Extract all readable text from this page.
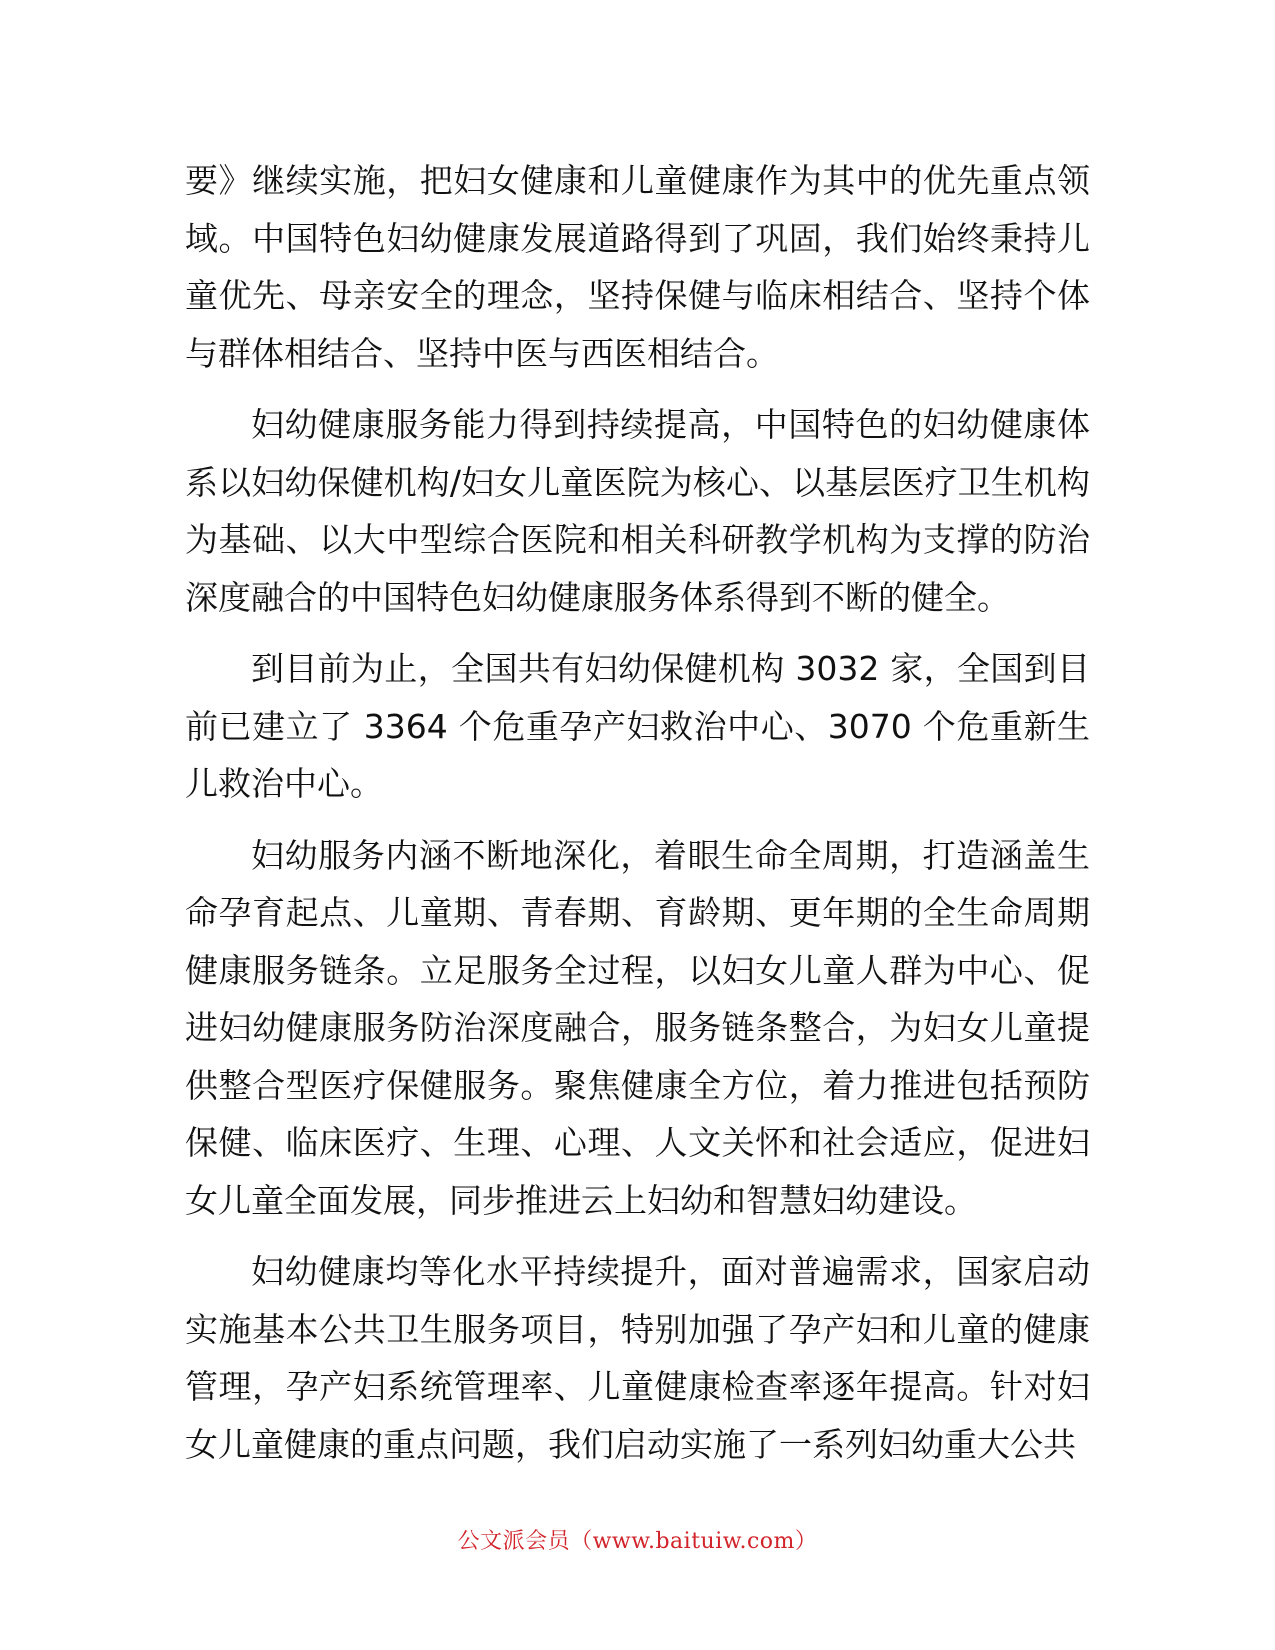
要》继续实施，把妇女健康和儿童健康作为其中的优先重点领域。中国特色妇幼健康发展道路得到了巩固，我们始终秉持儿童优先、母亲安全的理念，坚持保健与临床相结合、坚持个体与群体相结合、坚持中医与西医相结合。

妇幼健康服务能力得到持续提高，中国特色的妇幼健康体系以妇幼保健机构/妇女儿童医院为核心、以基层医疗卫生机构为基础、以大中型综合医院和相关科研教学机构为支撑的防治深度融合的中国特色妇幼健康服务体系得到不断的健全。

到目前为止，全国共有妇幼保健机构 3032 家，全国到目前已建立了 3364 个危重孕产妇救治中心、3070 个危重新生儿救治中心。

妇幼服务内涵不断地深化，着眼生命全周期，打造涵盖生命孕育起点、儿童期、青春期、育龄期、更年期的全生命周期健康服务链条。立足服务全过程，以妇女儿童人群为中心、促进妇幼健康服务防治深度融合，服务链条整合，为妇女儿童提供整合型医疗保健服务。聚焦健康全方位，着力推进包括预防保健、临床医疗、生理、心理、人文关怀和社会适应，促进妇女儿童全面发展，同步推进云上妇幼和智慧妇幼建设。

妇幼健康均等化水平持续提升，面对普遍需求，国家启动实施基本公共卫生服务项目，特别加强了孕产妇和儿童的健康管理，孕产妇系统管理率、儿童健康检查率逐年提高。针对妇女儿童健康的重点问题，我们启动实施了一系列妇幼重大公共

公文派会员（www.baituiw.com）
